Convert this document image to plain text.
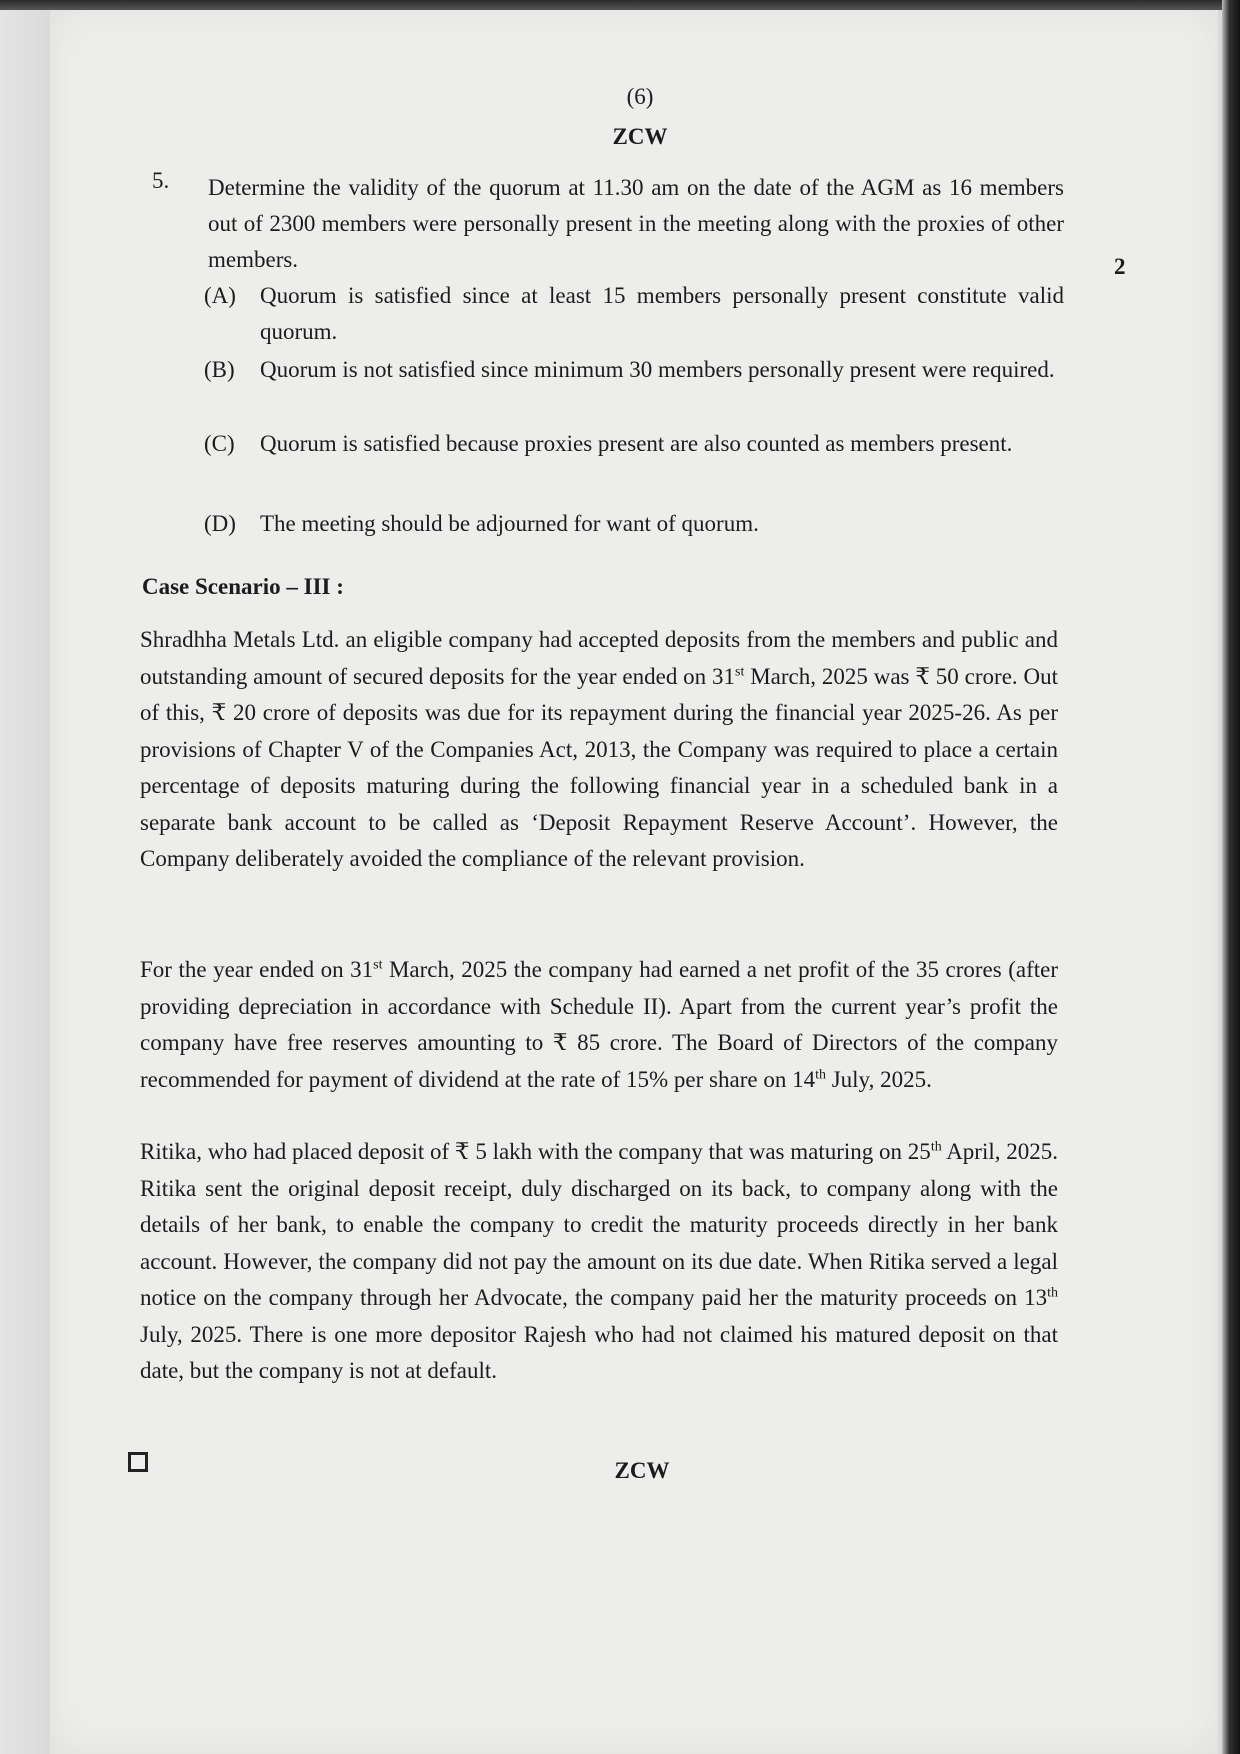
(6)
ZCW
5. Determine the validity of the quorum at 11.30 am on the date of the AGM as 16 members out of 2300 members were personally present in the meeting along with the proxies of other members.	2
(A)	Quorum is satisfied since at least 15 members personally present constitute valid quorum.
(B)	Quorum is not satisfied since minimum 30 members personally present were required.
(C)	Quorum is satisfied because proxies present are also counted as members present.
(D)	The meeting should be adjourned for want of quorum.
Case Scenario – III :
Shradhha Metals Ltd. an eligible company had accepted deposits from the members and public and outstanding amount of secured deposits for the year ended on 31st March, 2025 was ₹ 50 crore. Out of this, ₹ 20 crore of deposits was due for its repayment during the financial year 2025-26. As per provisions of Chapter V of the Companies Act, 2013, the Company was required to place a certain percentage of deposits maturing during the following financial year in a scheduled bank in a separate bank account to be called as ‘Deposit Repayment Reserve Account’. However, the Company deliberately avoided the compliance of the relevant provision.
For the year ended on 31st March, 2025 the company had earned a net profit of the 35 crores (after providing depreciation in accordance with Schedule II). Apart from the current year’s profit the company have free reserves amounting to ₹ 85 crore. The Board of Directors of the company recommended for payment of dividend at the rate of 15% per share on 14th July, 2025.
Ritika, who had placed deposit of ₹ 5 lakh with the company that was maturing on 25th April, 2025. Ritika sent the original deposit receipt, duly discharged on its back, to company along with the details of her bank, to enable the company to credit the maturity proceeds directly in her bank account. However, the company did not pay the amount on its due date. When Ritika served a legal notice on the company through her Advocate, the company paid her the maturity proceeds on 13th July, 2025. There is one more depositor Rajesh who had not claimed his matured deposit on that date, but the company is not at default.
ZCW
